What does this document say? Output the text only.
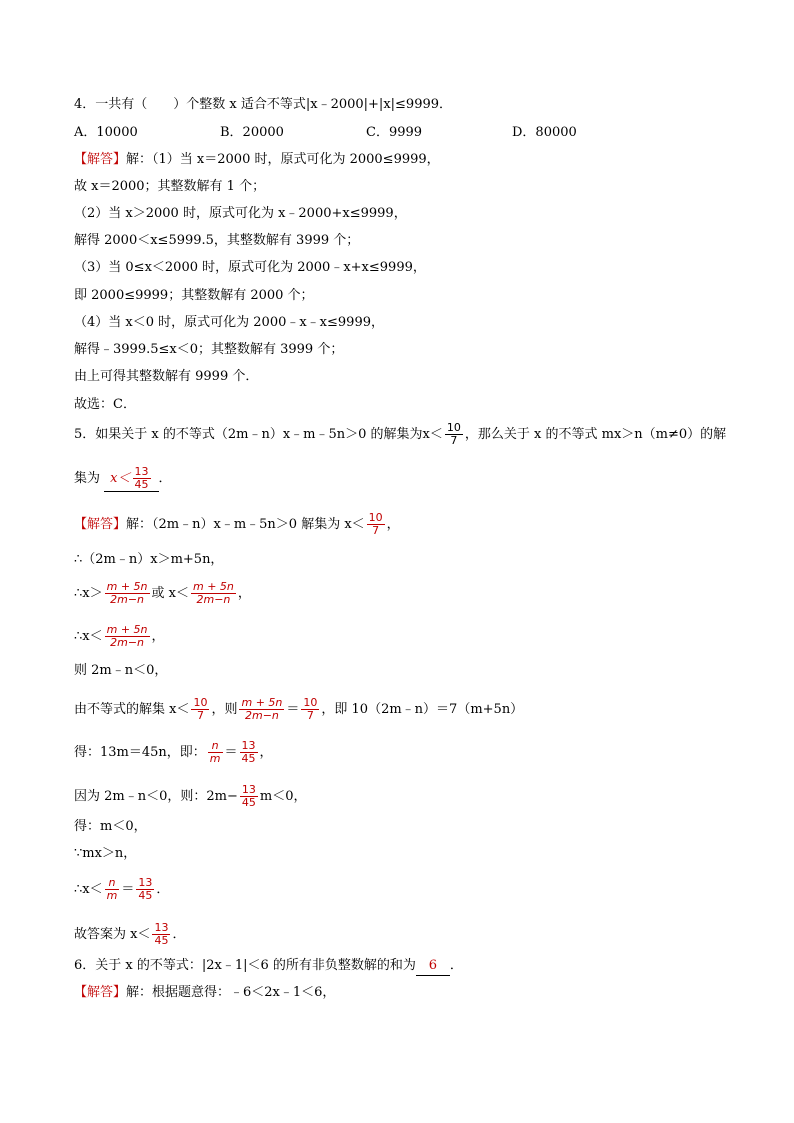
4．一共有（　　）个整数 x 适合不等式|x﹣2000|+|x|≤9999．
A．10000	B．20000	C．9999	D．80000
【解答】解：（1）当 x＝2000 时，原式可化为 2000≤9999，
故 x＝2000；其整数解有 1 个；
（2）当 x＞2000 时，原式可化为 x﹣2000+x≤9999，
解得 2000＜x≤5999.5，其整数解有 3999 个；
（3）当 0≤x＜2000 时，原式可化为 2000﹣x+x≤9999，
即 2000≤9999；其整数解有 2000 个；
（4）当 x＜0 时，原式可化为 2000﹣x﹣x≤9999，
解得﹣3999.5≤x＜0；其整数解有 3999 个；
由上可得其整数解有 9999 个．
故选：C．
5．如果关于 x 的不等式（2m﹣n）x﹣m﹣5n＞0 的解集为$x< \frac{10}{7}$ ，那么关于 x 的不等式 mx＞n（m≠0）的解
集为 $x< \frac{13}{45}$ ．
【解答】解：（2m﹣n）x﹣m﹣5n＞0 解集为 $x< \frac{10}{7}$ ，
∴（2m﹣n）x＞m+5n，
∴x＞ $\frac{m + 5n}{2m-n}$ 或 $x< \frac{m + 5n}{2m-n}$ ，
∴x＜ $\frac{m + 5n}{2m-n}$ ，
则 2m﹣n＜0，
由不等式的解集 $x< \frac{10}{7}$ ，则 $\frac{m + 5n}{2m-n} = \frac{10}{7}$ ，即 10（2m﹣n）＝7（m+5n）
得：13m＝45n，即： $\frac{n}{m} = \frac{13}{45}$ ，
因为 2m﹣n＜0，则：$2m- \frac{13}{45} m<0$，
得：m＜0，
∵mx＞n，
∴x＜ $\frac{n}{m} = \frac{13}{45}$ ．
故答案为 $x< \frac{13}{45}$ ．
6．关于 x 的不等式：|2x﹣1|＜6 的所有非负整数解的和为 6 ．
【解答】解：根据题意得：﹣6＜2x﹣1＜6，
